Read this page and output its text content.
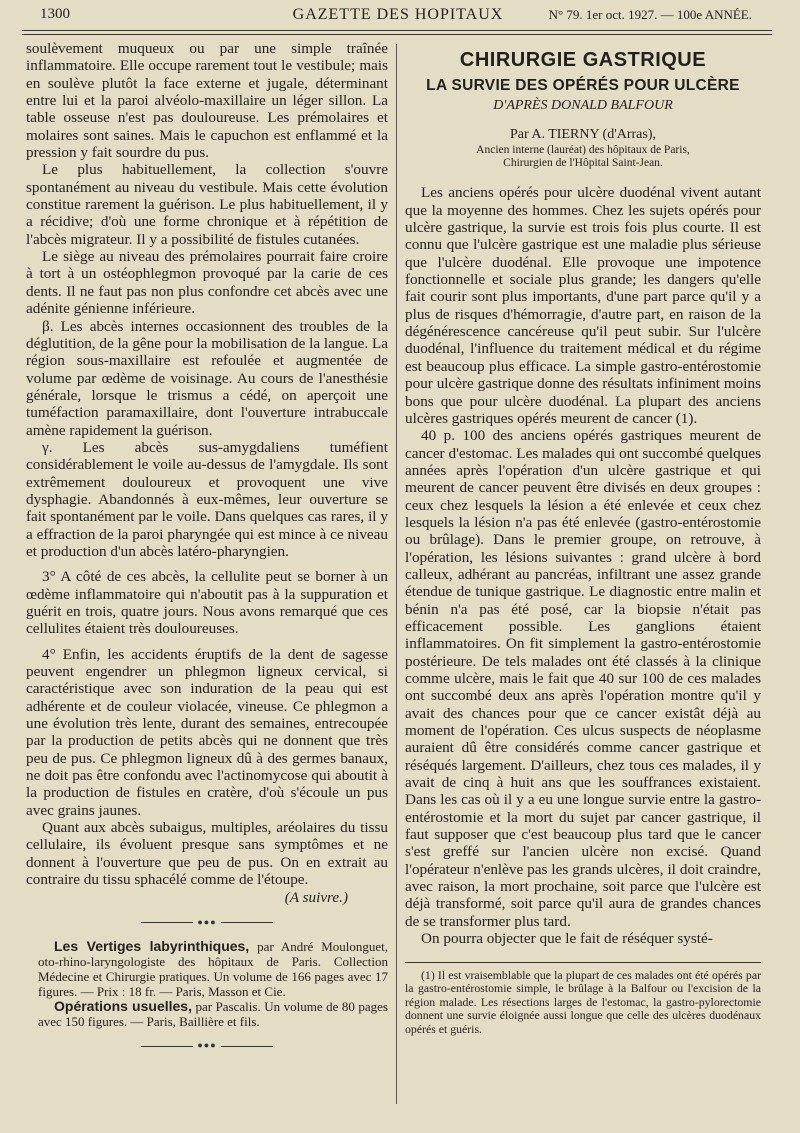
1300	GAZETTE DES HOPITAUX	N° 79. 1er oct. 1927. — 100e ANNÉE.

soulèvement muqueux ou par une simple traînée inflammatoire. Elle occupe rarement tout le vestibule; mais en soulève plutôt la face externe et jugale, déterminant entre lui et la paroi alvéolo-maxillaire un léger sillon. La table osseuse n'est pas douloureuse. Les prémolaires et molaires sont saines. Mais le capuchon est enflammé et la pression y fait sourdre du pus.

Le plus habituellement, la collection s'ouvre spontanément au niveau du vestibule. Mais cette évolution constitue rarement la guérison. Le plus habituellement, il y a récidive; d'où une forme chronique et à répétition de l'abcès migrateur. Il y a possibilité de fistules cutanées.

Le siège au niveau des prémolaires pourrait faire croire à tort à un ostéophlegmon provoqué par la carie de ces dents. Il ne faut pas non plus confondre cet abcès avec une adénite génienne inférieure.

β. Les abcès internes occasionnent des troubles de la déglutition, de la gêne pour la mobilisation de la langue. La région sous-maxillaire est refoulée et augmentée de volume par œdème de voisinage. Au cours de l'anesthésie générale, lorsque le trismus a cédé, on aperçoit une tuméfaction paramaxillaire, dont l'ouverture intrabuccale amène rapidement la guérison.

γ. Les abcès sus-amygdaliens tuméfient considérablement le voile au-dessus de l'amygdale. Ils sont extrêmement douloureux et provoquent une vive dysphagie. Abandonnés à eux-mêmes, leur ouverture se fait spontanément par le voile. Dans quelques cas rares, il y a effraction de la paroi pharyngée qui est mince à ce niveau et production d'un abcès latéro-pharyngien.

3° A côté de ces abcès, la cellulite peut se borner à un œdème inflammatoire qui n'aboutit pas à la suppuration et guérit en trois, quatre jours. Nous avons remarqué que ces cellulites étaient très douloureuses.

4° Enfin, les accidents éruptifs de la dent de sagesse peuvent engendrer un phlegmon ligneux cervical, si caractéristique avec son induration de la peau qui est adhérente et de couleur violacée, vineuse. Ce phlegmon a une évolution très lente, durant des semaines, entrecoupée par la production de petits abcès qui ne donnent que très peu de pus. Ce phlegmon ligneux dû à des germes banaux, ne doit pas être confondu avec l'actinomycose qui aboutit à la production de fistules en cratère, d'où s'écoule un pus avec grains jaunes.

Quant aux abcès subaigus, multiples, aréolaires du tissu cellulaire, ils évoluent presque sans symptômes et ne donnent à l'ouverture que peu de pus. On en extrait au contraire du tissu sphacélé comme de l'étoupe.

(A suivre.)
●●●

Les Vertiges labyrinthiques, par André Moulonguet, oto-rhino-laryngologiste des hôpitaux de Paris. Collection Médecine et Chirurgie pratiques. Un volume de 166 pages avec 17 figures. — Prix : 18 fr. — Paris, Masson et Cie.

Opérations usuelles, par Pascalis. Un volume de 80 pages avec 150 figures. — Paris, Baillière et fils.

●●●
CHIRURGIE GASTRIQUE
LA SURVIE DES OPÉRÉS POUR ULCÈRE
D'APRÈS DONALD BALFOUR
Par A. TIERNY (d'Arras),
Ancien interne (lauréat) des hôpitaux de Paris,
Chirurgien de l'Hôpital Saint-Jean.

Les anciens opérés pour ulcère duodénal vivent autant que la moyenne des hommes. Chez les sujets opérés pour ulcère gastrique, la survie est trois fois plus courte. Il est connu que l'ulcère gastrique est une maladie plus sérieuse que l'ulcère duodénal. Elle provoque une impotence fonctionnelle et sociale plus grande; les dangers qu'elle fait courir sont plus importants, d'une part parce qu'il y a plus de risques d'hémorragie, d'autre part, en raison de la dégénérescence cancéreuse qu'il peut subir. Sur l'ulcère duodénal, l'influence du traitement médical et du régime est beaucoup plus efficace. La simple gastro-entérostomie pour ulcère gastrique donne des résultats infiniment moins bons que pour ulcère duodénal. La plupart des anciens ulcères gastriques opérés meurent de cancer (1).

40 p. 100 des anciens opérés gastriques meurent de cancer d'estomac. Les malades qui ont succombé quelques années après l'opération d'un ulcère gastrique et qui meurent de cancer peuvent être divisés en deux groupes : ceux chez lesquels la lésion a été enlevée et ceux chez lesquels la lésion n'a pas été enlevée (gastro-entérostomie ou brûlage). Dans le premier groupe, on retrouve, à l'opération, les lésions suivantes : grand ulcère à bord calleux, adhérant au pancréas, infiltrant une assez grande étendue de tunique gastrique. Le diagnostic entre malin et bénin n'a pas été posé, car la biopsie n'était pas efficacement possible. Les ganglions étaient inflammatoires. On fit simplement la gastro-entérostomie postérieure. De tels malades ont été classés à la clinique comme ulcère, mais le fait que 40 sur 100 de ces malades ont succombé deux ans après l'opération montre qu'il y avait des chances pour que ce cancer existât déjà au moment de l'opération. Ces ulcus suspects de néoplasme auraient dû être considérés comme cancer gastrique et réséqués largement. D'ailleurs, chez tous ces malades, il y avait de cinq à huit ans que les souffrances existaient. Dans les cas où il y a eu une longue survie entre la gastro-entérostomie et la mort du sujet par cancer gastrique, il faut supposer que c'est beaucoup plus tard que le cancer s'est greffé sur l'ancien ulcère non excisé. Quand l'opérateur n'enlève pas les grands ulcères, il doit craindre, avec raison, la mort prochaine, soit parce que l'ulcère est déjà transformé, soit parce qu'il aura de grandes chances de se transformer plus tard.

On pourra objecter que le fait de réséquer systé-

(1) Il est vraisemblable que la plupart de ces malades ont été opérés par la gastro-entérostomie simple, le brûlage à la Balfour ou l'excision de la région malade. Les résections larges de l'estomac, la gastro-pylorectomie donnent une survie éloignée aussi longue que celle des ulcères duodénaux opérés et guéris.
